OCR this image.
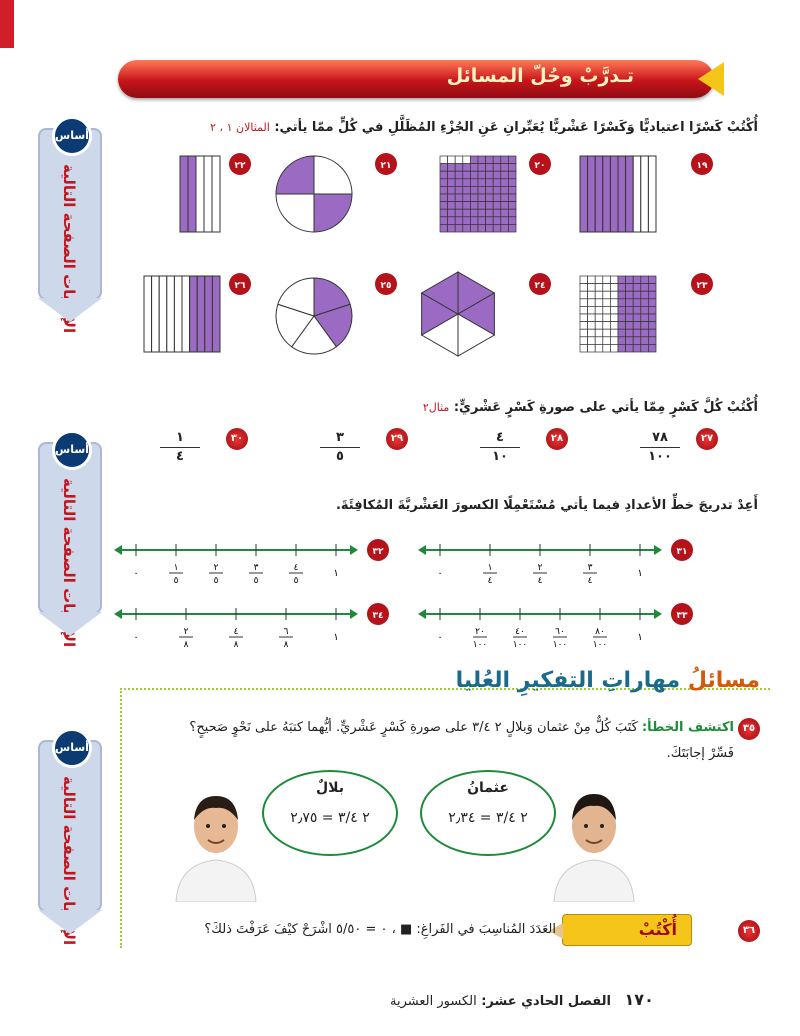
تـدرَّبْ وحُلّ المسائل
أساس
الإجابات الصفحة التالية
أساس
الإجابات الصفحة التالية
أساس
الإجابات الصفحة التالية
أُكْتُبْ كَسْرًا اعتياديًّا وَكَسْرًا عَشْريًّا يُعَبِّرانِ عَنِ الجُزْءِ المُظَلَّلِ في كُلٍّ ممّا يأتي: المثالان ١ ، ٢
١٩
٢٠
٢١
٢٢
٢٣
٢٤
٢٥
٢٦
أُكْتُبْ كُلَّ كَسْرٍ مِمّا يأتي على صورةِ كَسْرٍ عَشْريٍّ: مثال٢
٢٧
٧٨
١٠٠
٢٨
٤
١٠
٢٩
٣
٥
٣٠
١
٤
أَعِدْ تدريجَ خطِّ الأعدادِ فيما يأتي مُسْتَعْمِلًا الكسورَ العَشْريَّةَ المُكافِئَةَ.
٠	١
٤
٢
٤
٣
٤
١
٣١
٠	١
٥
٢
٥
٣
٥
٤
٥
١
٣٢
٠	٢٠
١٠٠
٤٠
١٠٠
٦٠
١٠٠
٨٠
١٠٠
١
٣٣
٠	٢
٨
٤
٨
٦
٨
١
٣٤
مسائلُ مهاراتِ التفكيرِ العُليا
٣٥
اكتشف الخطأ: كَتَبَ كُلٌّ مِنْ عثمان وَبلالٍ ٢ ٣/٤ على صورةِ كَسْرٍ عَشْريٍّ. أيُّهما كتبَهُ على نَحْوٍ صَحيحٍ؟
فَسِّرْ إجابَتَكَ.
عثمانُ
٢ ٣/٤ = ٢٫٣٤
بلالٌ
٢ ٣/٤ = ٢٫٧٥
٣٦
أُكْتُبْ
العَدَدَ المُناسِبَ في الفَراغِ: ■ ، ٠ = ٥/٥٠ اشْرَحْ كيْفَ عَرَفْتَ ذلكَ؟
١٧٠   الفصل الحادي عشر: الكسور العشرية
